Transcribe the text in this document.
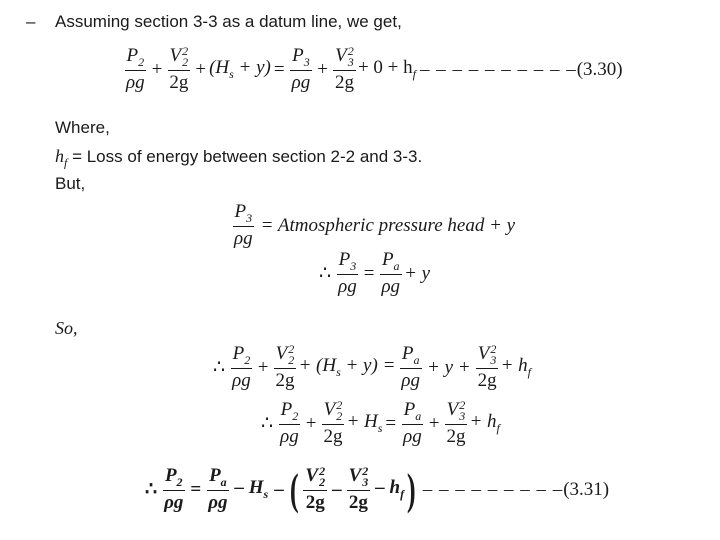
– Assuming section 3-3 as a datum line, we get,
$\frac{P_2}{\rho g} + V$ 2
2
$2g + (H_s + y) = \frac{P_3}{\rho g} + V$ 2
3
$2g + 0 + h_f$ – – – – – – – – – – (3.30)
Where,
$h_f$ = Loss of energy between section 2-2 and 3-3.
But,
$\frac{P_3}{\rho g}$ = Atmospheric pressure head + y
∴ $\frac{P_3}{\rho g} = \frac{P_a}{\rho g} + y$
So,
∴ $\frac{P_2}{\rho g} + V$ 2
2
$2g + (H_s + y) = \frac{P_a}{\rho g} + y + V$ 2
3
$2g + h_f$
∴ $\frac{P_2}{\rho g} + V$ 2
2
$2g + H_s = \frac{P_a}{\rho g} + V$ 2
3
$2g + h_f$
∴ $\frac{P_2}{\rho g} = \frac{P_a}{\rho g} - H_s$ – ( V 2
2
2g – V 2
3
$2g - h_f$ ) – – – – – – – – – (3.31)
